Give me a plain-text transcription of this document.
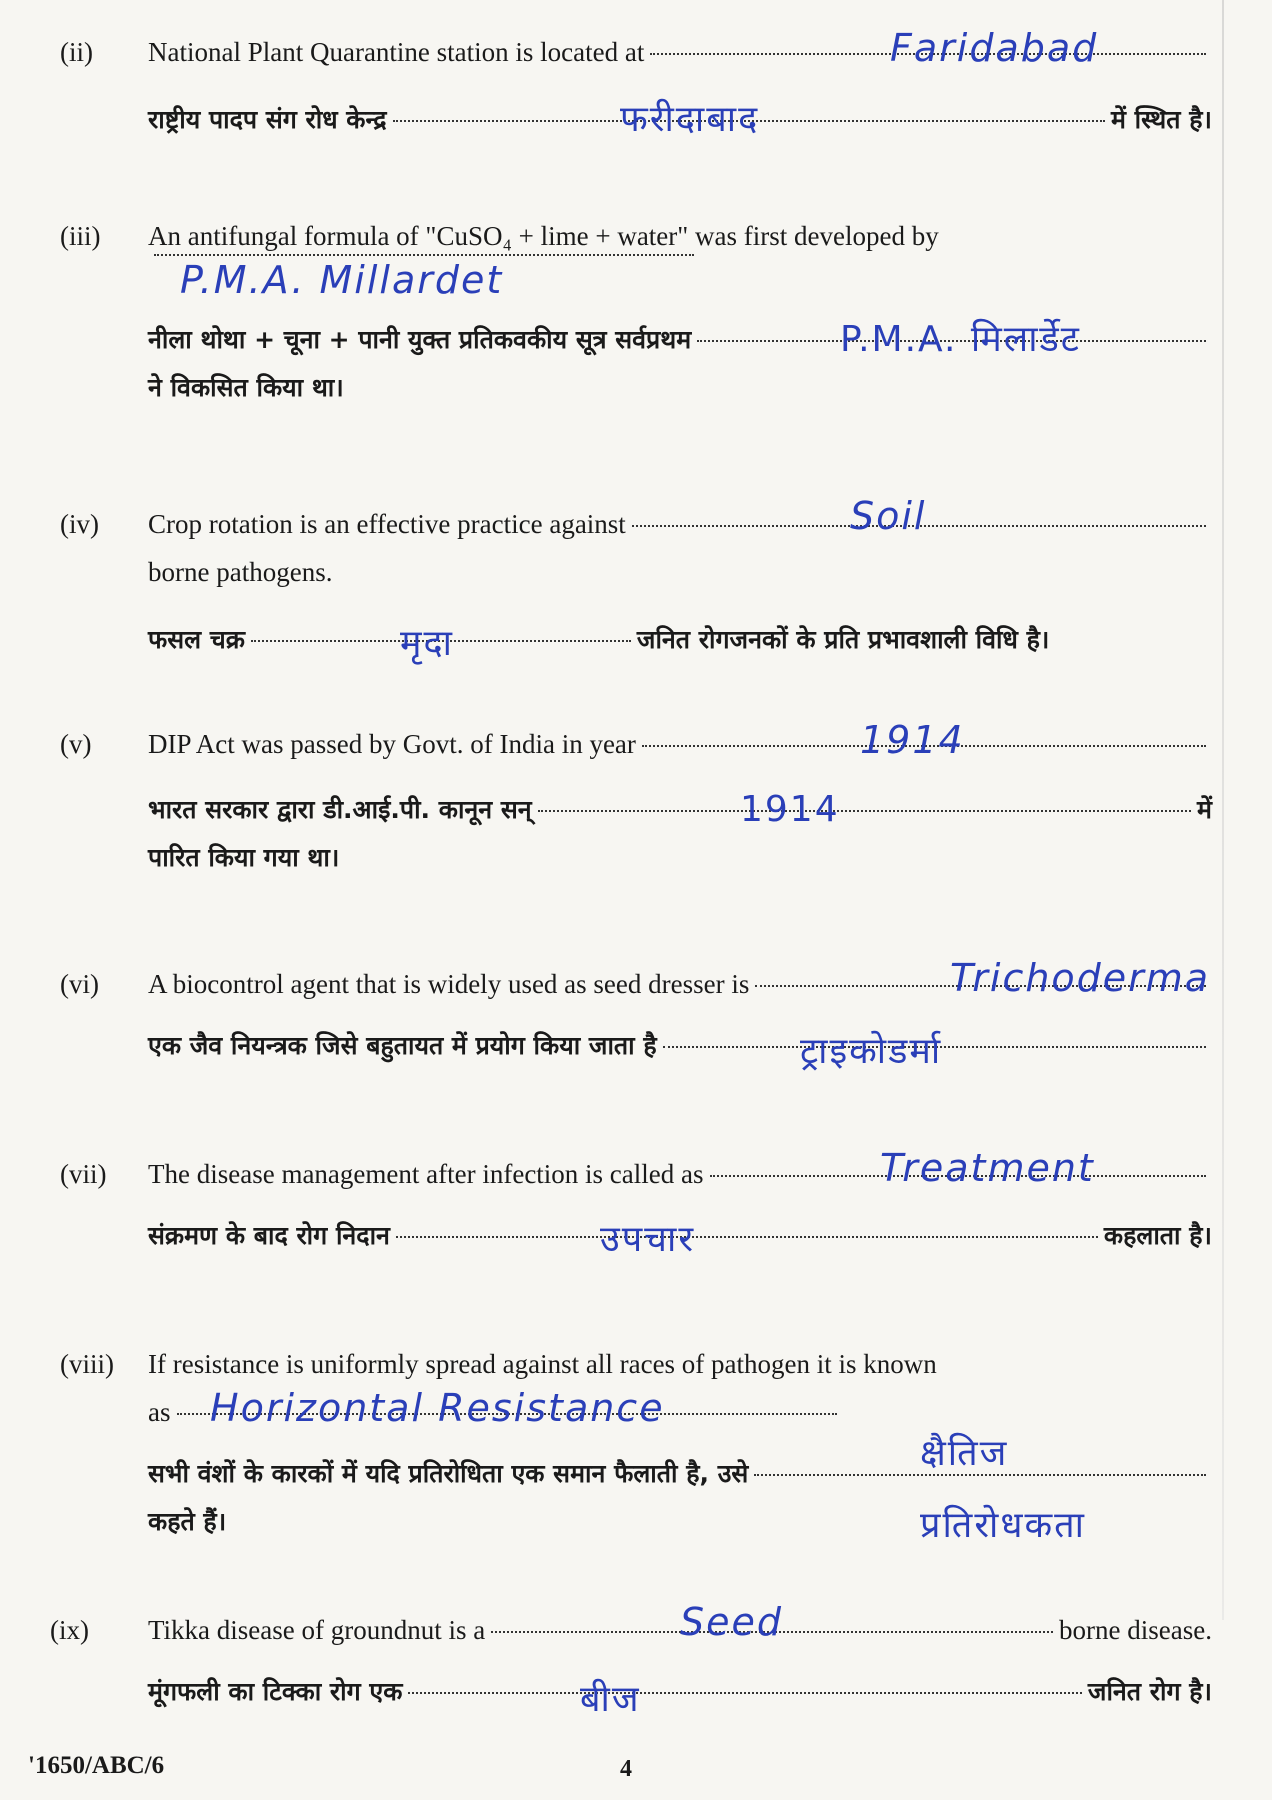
(ii)	National Plant Quarantine station is located at	Faridabad
राष्ट्रीय पादप संग रोध केन्द्र	में स्थित है।
फरीदाबाद
(iii)	An antifungal formula of "CuSO₄ + lime + water" was first developed by
P.M.A. Millardet
नीला थोथा + चूना + पानी युक्त प्रतिकवकीय सूत्र सर्वप्रथम	P.M.A. मिलार्डेट
ने विकसित किया था।
(iv)	Crop rotation is an effective practice against	Soil
borne pathogens.
फसल चक्र	जनित रोगजनकों के प्रति प्रभावशाली विधि है।
मृदा
(v)	DIP Act was passed by Govt. of India in year	1914
भारत सरकार द्वारा डी.आई.पी. कानून सन्	में
1914
पारित किया गया था।
(vi)	A biocontrol agent that is widely used as seed dresser is	Trichoderma
एक जैव नियन्त्रक जिसे बहुतायत में प्रयोग किया जाता है	ट्राइकोडर्मा
(vii)	The disease management after infection is called as	Treatment
संक्रमण के बाद रोग निदान	कहलाता है।
उपचार
(viii)	If resistance is uniformly spread against all races of pathogen it is known
as Horizontal Resistance
सभी वंशों के कारकों में यदि प्रतिरोधिता एक समान फैलाती है, उसे	क्षैतिज
कहते हैं।	प्रतिरोधकता
(ix)	Tikka disease of groundnut is a	borne disease.
Seed
मूंगफली का टिक्का रोग एक	जनित रोग है।
बीज
'1650/ABC/6	4
